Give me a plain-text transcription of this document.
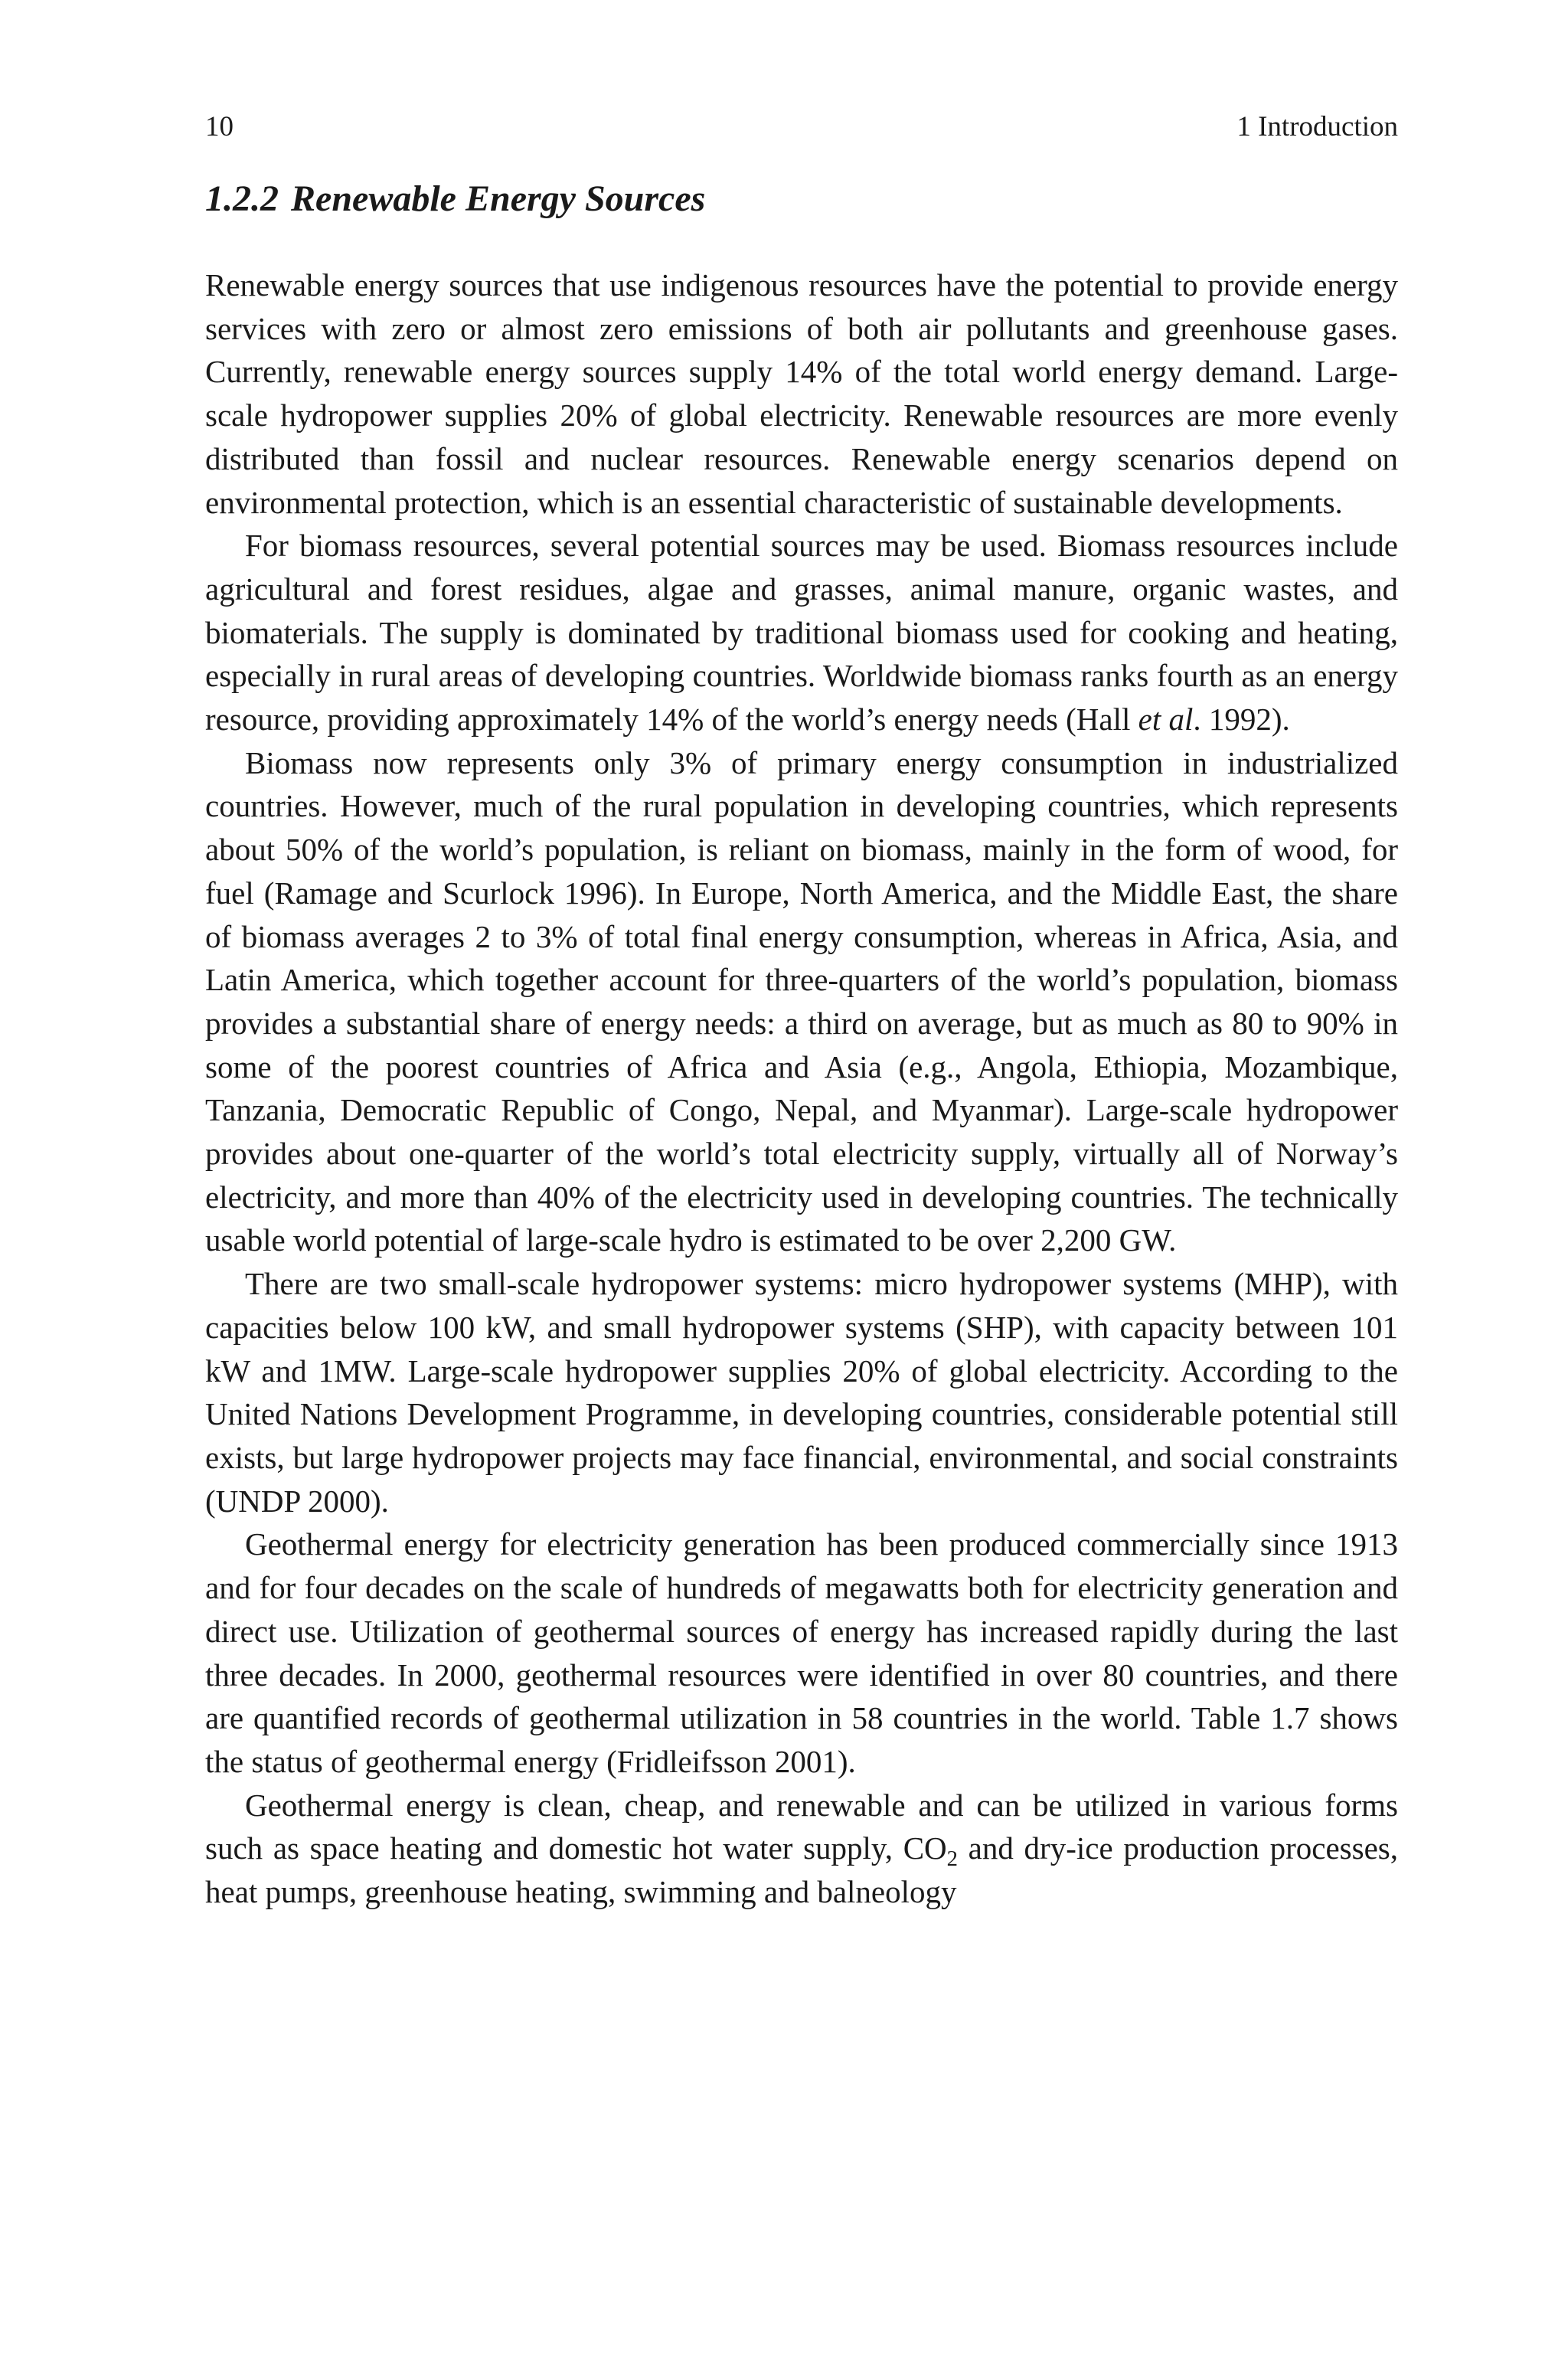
10	1 Introduction
1.2.2 Renewable Energy Sources

Renewable energy sources that use indigenous resources have the potential to provide energy services with zero or almost zero emissions of both air pollutants and greenhouse gases. Currently, renewable energy sources supply 14% of the total world energy demand. Large-scale hydropower supplies 20% of global electricity. Renewable resources are more evenly distributed than fossil and nuclear resources. Renewable energy scenarios depend on environmental protection, which is an essential characteristic of sustainable developments.

For biomass resources, several potential sources may be used. Biomass resources include agricultural and forest residues, algae and grasses, animal manure, organic wastes, and biomaterials. The supply is dominated by traditional biomass used for cooking and heating, especially in rural areas of developing countries. Worldwide biomass ranks fourth as an energy resource, providing approximately 14% of the world’s energy needs (Hall et al. 1992).

Biomass now represents only 3% of primary energy consumption in industrialized countries. However, much of the rural population in developing countries, which represents about 50% of the world’s population, is reliant on biomass, mainly in the form of wood, for fuel (Ramage and Scurlock 1996). In Europe, North America, and the Middle East, the share of biomass averages 2 to 3% of total final energy consumption, whereas in Africa, Asia, and Latin America, which together account for three-quarters of the world’s population, biomass provides a substantial share of energy needs: a third on average, but as much as 80 to 90% in some of the poorest countries of Africa and Asia (e.g., Angola, Ethiopia, Mozambique, Tanzania, Democratic Republic of Congo, Nepal, and Myanmar). Large-scale hydropower provides about one-quarter of the world’s total electricity supply, virtually all of Norway’s electricity, and more than 40% of the electricity used in developing countries. The technically usable world potential of large-scale hydro is estimated to be over 2,200 GW.

There are two small-scale hydropower systems: micro hydropower systems (MHP), with capacities below 100 kW, and small hydropower systems (SHP), with capacity between 101 kW and 1MW. Large-scale hydropower supplies 20% of global electricity. According to the United Nations Development Programme, in developing countries, considerable potential still exists, but large hydropower projects may face financial, environmental, and social constraints (UNDP 2000).

Geothermal energy for electricity generation has been produced commercially since 1913 and for four decades on the scale of hundreds of megawatts both for electricity generation and direct use. Utilization of geothermal sources of energy has increased rapidly during the last three decades. In 2000, geothermal resources were identified in over 80 countries, and there are quantified records of geothermal utilization in 58 countries in the world. Table 1.7 shows the status of geothermal energy (Fridleifsson 2001).

Geothermal energy is clean, cheap, and renewable and can be utilized in various forms such as space heating and domestic hot water supply, $CO_2$ and dry-ice production processes, heat pumps, greenhouse heating, swimming and balneology
